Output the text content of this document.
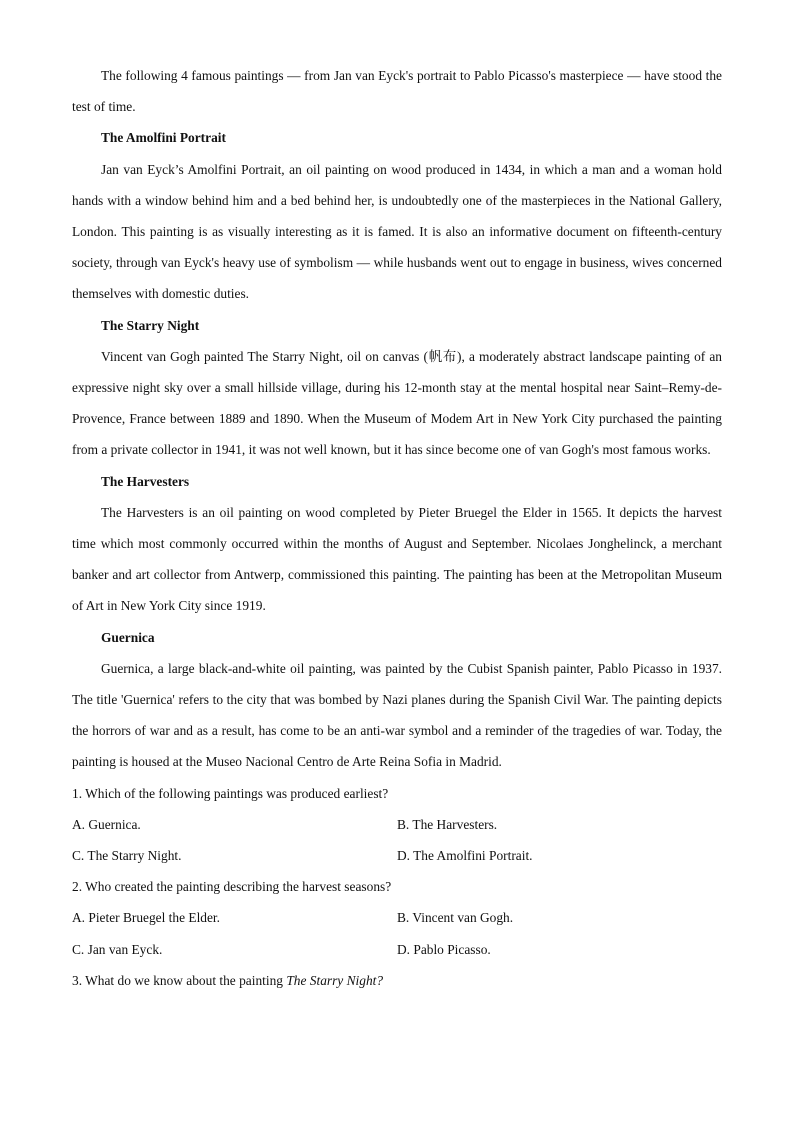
The following 4 famous paintings — from Jan van Eyck's portrait to Pablo Picasso's masterpiece — have stood the test of time.

The Amolfini Portrait

Jan van Eyck’s Amolfini Portrait, an oil painting on wood produced in 1434, in which a man and a woman hold hands with a window behind him and a bed behind her, is undoubtedly one of the masterpieces in the National Gallery, London. This painting is as visually interesting as it is famed. It is also an informative document on fifteenth-century society, through van Eyck's heavy use of symbolism — while husbands went out to engage in business, wives concerned themselves with domestic duties.

The Starry Night

Vincent van Gogh painted The Starry Night, oil on canvas (帆布), a moderately abstract landscape painting of an expressive night sky over a small hillside village, during his 12-month stay at the mental hospital near Saint–Remy-de-Provence, France between 1889 and 1890. When the Museum of Modem Art in New York City purchased the painting from a private collector in 1941, it was not well known, but it has since become one of van Gogh's most famous works.

The Harvesters

The Harvesters is an oil painting on wood completed by Pieter Bruegel the Elder in 1565. It depicts the harvest time which most commonly occurred within the months of August and September. Nicolaes Jonghelinck, a merchant banker and art collector from Antwerp, commissioned this painting. The painting has been at the Metropolitan Museum of Art in New York City since 1919.

Guernica

Guernica, a large black-and-white oil painting, was painted by the Cubist Spanish painter, Pablo Picasso in 1937. The title 'Guernica' refers to the city that was bombed by Nazi planes during the Spanish Civil War. The painting depicts the horrors of war and as a result, has come to be an anti-war symbol and a reminder of the tragedies of war. Today, the painting is housed at the Museo Nacional Centro de Arte Reina Sofia in Madrid.

1. Which of the following paintings was produced earliest?

A. Guernica.	B. The Harvesters.
C. The Starry Night.	D. The Amolfini Portrait.

2. Who created the painting describing the harvest seasons?

A. Pieter Bruegel the Elder.	B. Vincent van Gogh.
C. Jan van Eyck.	D. Pablo Picasso.

3. What do we know about the painting The Starry Night?
